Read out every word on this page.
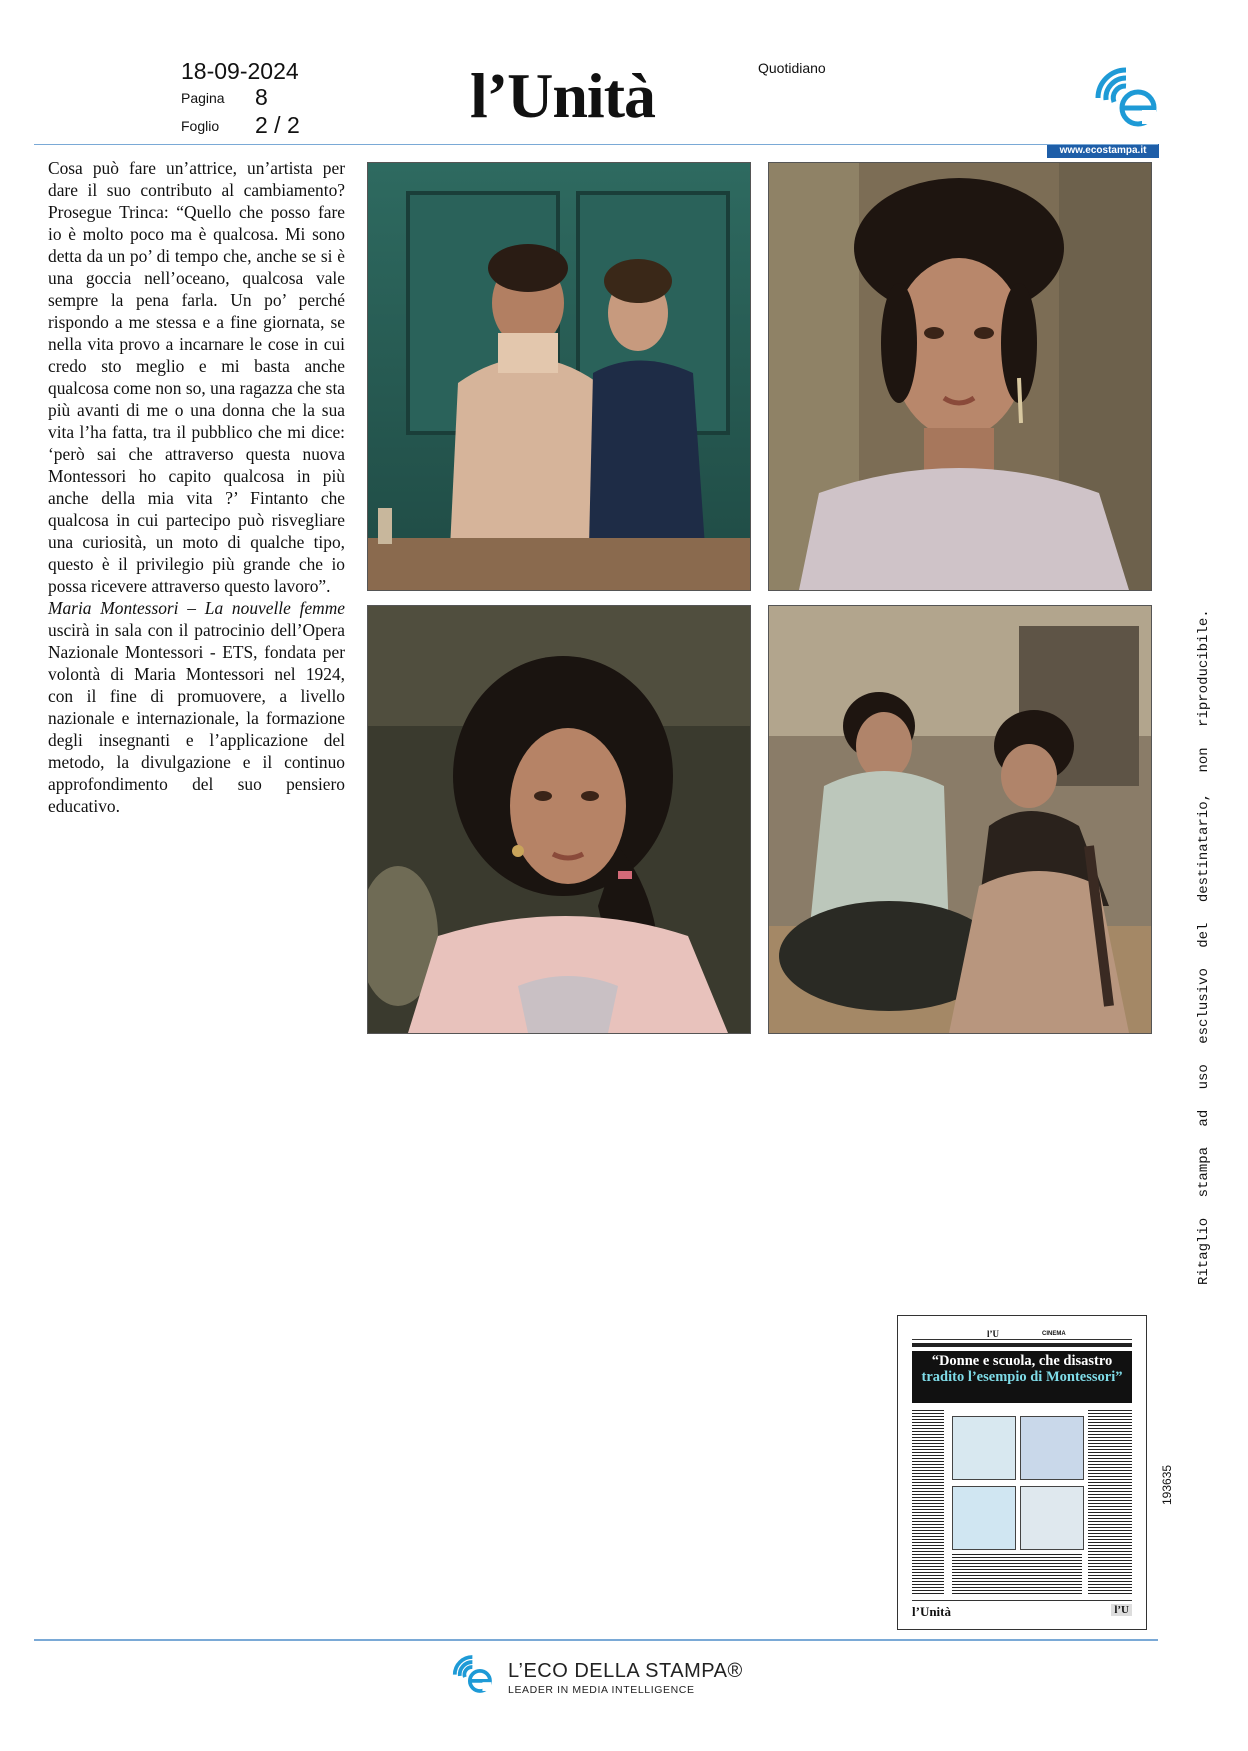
18-09-2024
Pagina 8
Foglio 2 / 2	l’Unità	Quotidiano
www.ecostampa.it

Cosa può fare un’attrice, un’artista per dare il suo contributo al cambiamento? Prosegue Trinca: “Quello che posso fare io è molto poco ma è qualcosa. Mi sono detta da un po’ di tempo che, anche se si è una goccia nell’oceano, qualcosa vale sempre la pena farla. Un po’ perché rispondo a me stessa e a fine giornata, se nella vita provo a incarnare le cose in cui credo sto meglio e mi basta anche qualcosa come non so, una ragazza che sta più avanti di me o una donna che la sua vita l’ha fatta, tra il pubblico che mi dice: ‘però sai che attraverso questa nuova Montessori ho capito qualcosa in più anche della mia vita ?’ Fintanto che qualcosa in cui partecipo può risvegliare una curiosità, un moto di qualche tipo, questo è il privilegio più grande che io possa ricevere attraverso questo lavoro”.

Maria Montessori – La nouvelle femme uscirà in sala con il patrocinio dell’Opera Nazionale Montessori - ETS, fondata per volontà di Maria Montessori nel 1924, con il fine di promuovere, a livello nazionale e internazionale, la formazione degli insegnanti e l’applicazione del metodo, la divulgazione e il continuo approfondimento del suo pensiero educativo.	Ritaglio stampa ad uso esclusivo del destinatario, non riproducibile.
193635
l’U	CINEMA
“Donne e scuola, che disastro
tradito l’esempio di Montessori”
l’Unità	l’U
L’ECO DELLA STAMPA®
LEADER IN MEDIA INTELLIGENCE
